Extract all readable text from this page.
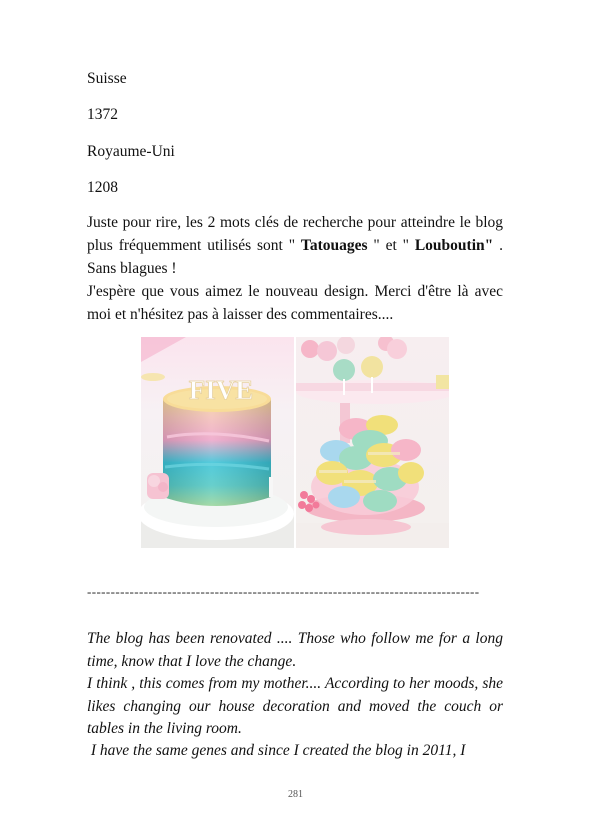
Suisse
1372
Royaume-Uni
1208

Juste pour rire, les 2 mots clés de recherche pour atteindre le blog plus fréquemment utilisés sont " Tatouages " et " Louboutin" . Sans blagues !

J'espère que vous aimez le nouveau design. Merci d'être là avec moi et n'hésitez pas à laisser des commentaires....

FIVE
-----------------------------------------------------------------------------------

The blog has been renovated .... Those who follow me for a long time, know that I love the change.

I think , this comes from my mother.... According to her moods, she likes changing our house decoration and moved the couch or tables in the living room.

I have the same genes and since I created the blog in 2011, I

281
